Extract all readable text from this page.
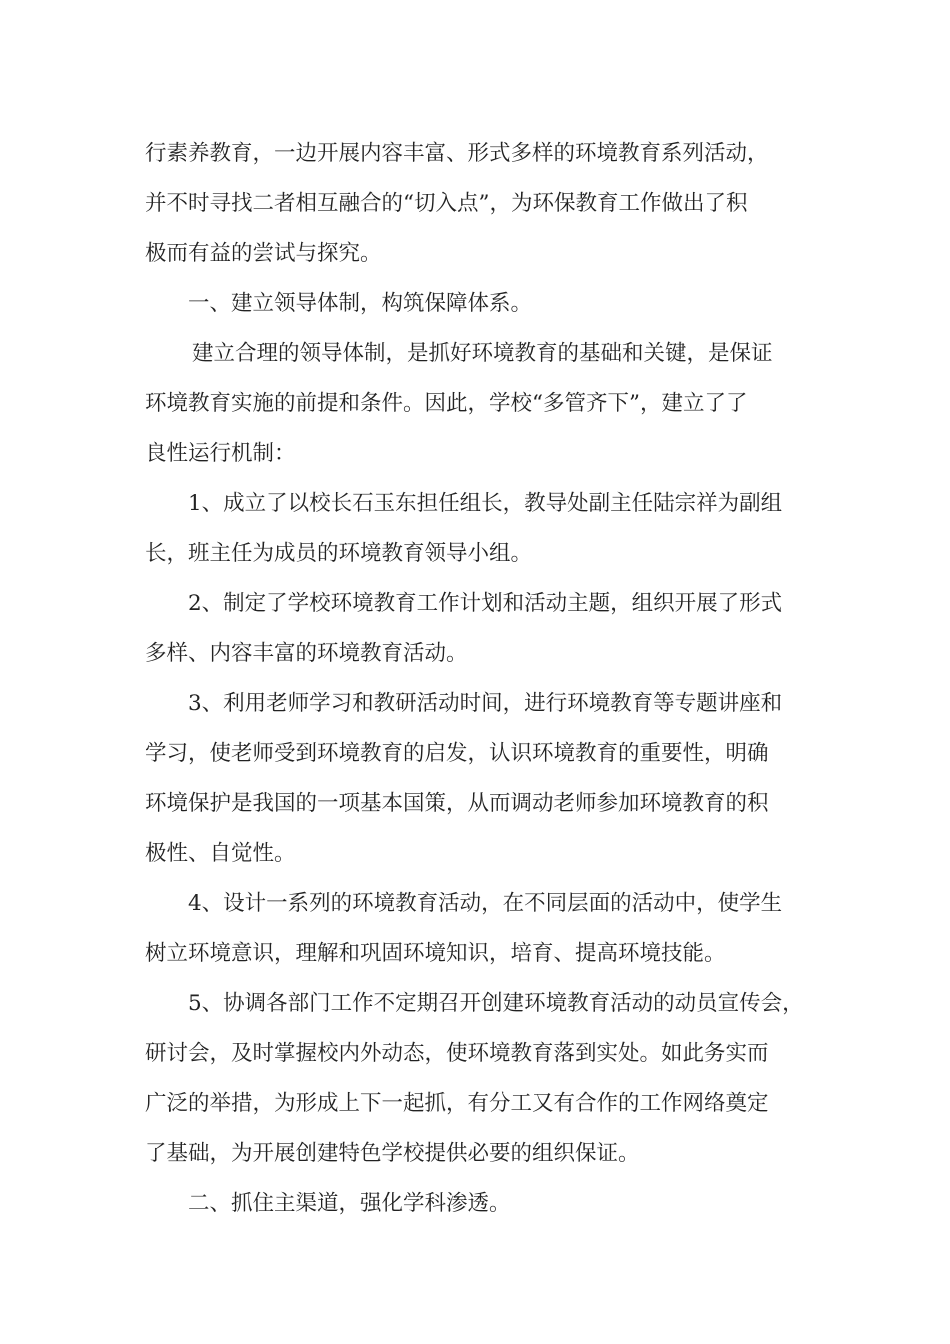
行素养教育，一边开展内容丰富、形式多样的环境教育系列活动，
并不时寻找二者相互融合的“切入点”，为环保教育工作做出了积
极而有益的尝试与探究。
一、建立领导体制，构筑保障体系。
建立合理的领导体制，是抓好环境教育的基础和关键，是保证
环境教育实施的前提和条件。因此，学校“多管齐下”，建立了了
良性运行机制：
1、成立了以校长石玉东担任组长，教导处副主任陆宗祥为副组
长，班主任为成员的环境教育领导小组。
2、制定了学校环境教育工作计划和活动主题，组织开展了形式
多样、内容丰富的环境教育活动。
3、利用老师学习和教研活动时间，进行环境教育等专题讲座和
学习，使老师受到环境教育的启发，认识环境教育的重要性，明确
环境保护是我国的一项基本国策，从而调动老师参加环境教育的积
极性、自觉性。
4、设计一系列的环境教育活动，在不同层面的活动中，使学生
树立环境意识，理解和巩固环境知识，培育、提高环境技能。
5、协调各部门工作不定期召开创建环境教育活动的动员宣传会，
研讨会，及时掌握校内外动态，使环境教育落到实处。如此务实而
广泛的举措，为形成上下一起抓，有分工又有合作的工作网络奠定
了基础，为开展创建特色学校提供必要的组织保证。
二、抓住主渠道，强化学科渗透。
